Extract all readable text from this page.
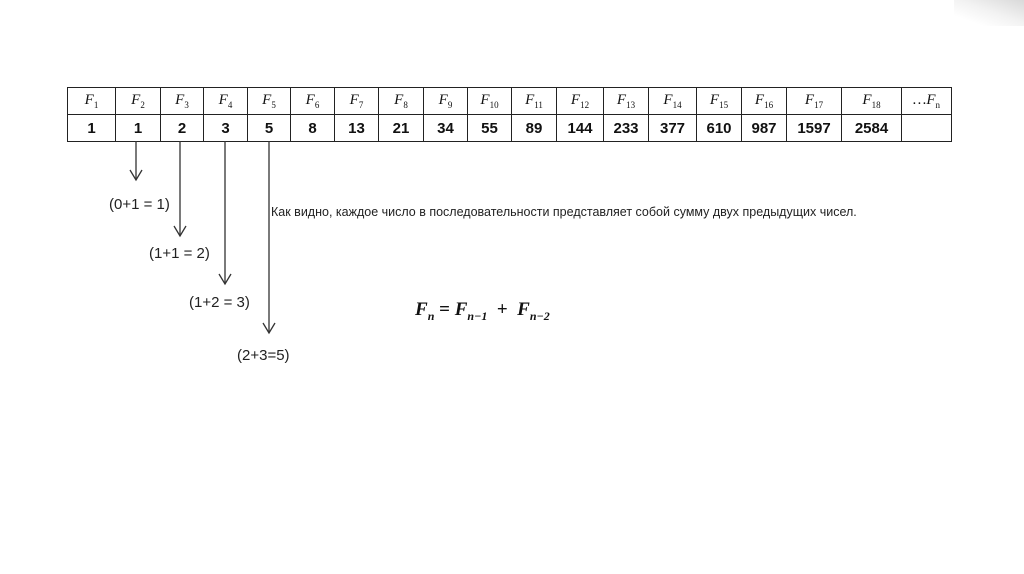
$F_1$	$F_2$	$F_3$	$F_4$	$F_5$	$F_6$	$F_7$	$F_8$	$F_9$	$F_{10}$	$F_{11}$	$F_{12}$	$F_{13}$	$F_{14}$	$F_{15}$	$F_{16}$	$F_{17}$	$F_{18}$	$\dots F_n$
1	1	2	3	5	8	13	21	34	55	89	144	233	377	610	987	1597	2584	
(0+1 = 1)
(1+1 = 2)
(1+2 = 3)
(2+3=5)
Как видно, каждое число в последовательности представляет собой сумму двух предыдущих чисел.
$F_n = F_{n-1} + F_{n-2}$
